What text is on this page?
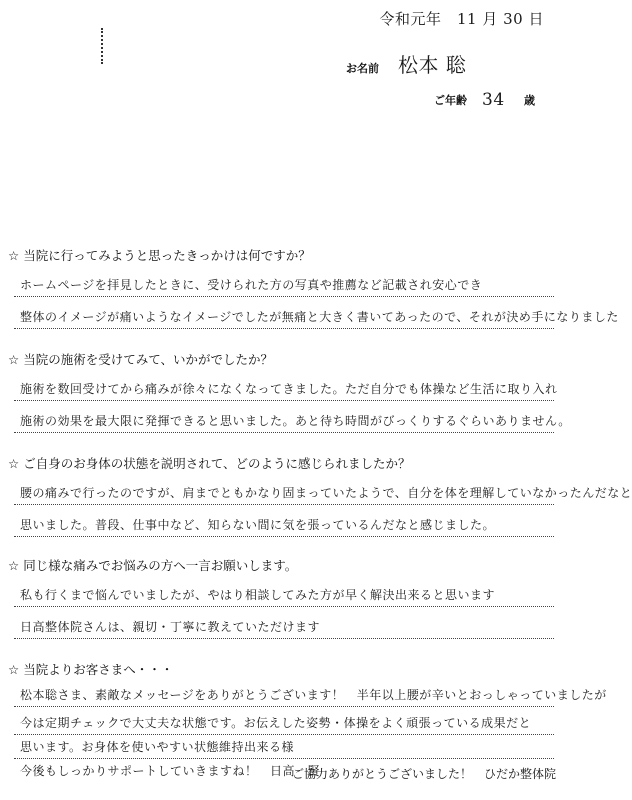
令和元年　11 月 30 日
お名前 松本 聡
ご年齢 34 歳
☆ 当院に行ってみようと思ったきっかけは何ですか？
ホームページを拝見したときに、受けられた方の写真や推薦など記載され安心でき
整体のイメージが痛いようなイメージでしたが無痛と大きく書いてあったので、それが決め手になりました
☆ 当院の施術を受けてみて、いかがでしたか？
施術を数回受けてから痛みが徐々になくなってきました。ただ自分でも体操など生活に取り入れ
施術の効果を最大限に発揮できると思いました。あと待ち時間がびっくりするぐらいありません。
☆ ご自身のお身体の状態を説明されて、どのように感じられましたか？
腰の痛みで行ったのですが、肩までともかなり固まっていたようで、自分を体を理解していなかったんだなと
思いました。普段、仕事中など、知らない間に気を張っているんだなと感じました。
☆ 同じ様な痛みでお悩みの方へ一言お願いします。
私も行くまで悩んでいましたが、やはり相談してみた方が早く解決出来ると思います
日高整体院さんは、親切・丁寧に教えていただけます
☆ 当院よりお客さまへ・・・
松本聡さま、素敵なメッセージをありがとうございます！　半年以上腰が辛いとおっしゃっていましたが
今は定期チェックで大丈夫な状態です。お伝えした姿勢・体操をよく頑張っている成果だと
思います。お身体を使いやすい状態維持出来る様
今後もしっかりサポートしていきますね！　日高　賢
ご協力ありがとうございました！　ひだか整体院
